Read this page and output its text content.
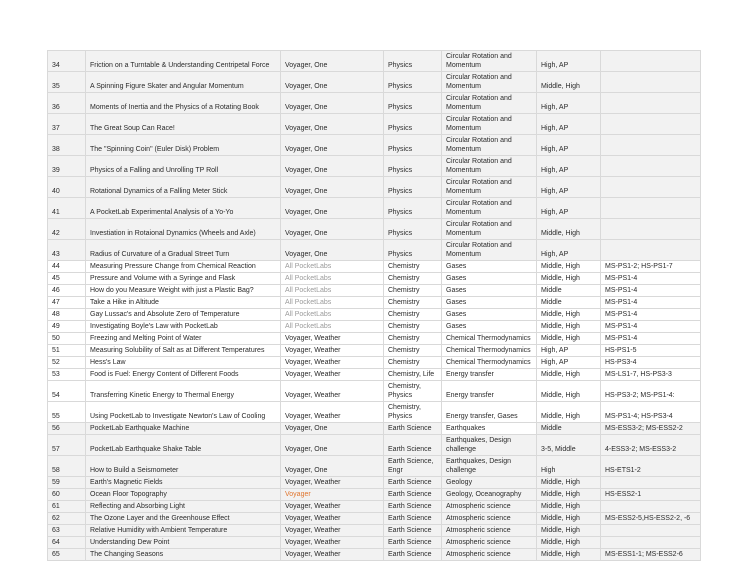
34	Friction on a Turntable & Understanding Centripetal Force	Voyager, One	Physics	Circular Rotation and Momentum	High, AP	
35	A Spinning Figure Skater and Angular Momentum	Voyager, One	Physics	Circular Rotation and Momentum	Middle, High	
36	Moments of Inertia and the Physics of a Rotating Book	Voyager, One	Physics	Circular Rotation and Momentum	High, AP	
37	The Great Soup Can Race!	Voyager, One	Physics	Circular Rotation and Momentum	High, AP	
38	The "Spinning Coin" (Euler Disk) Problem	Voyager, One	Physics	Circular Rotation and Momentum	High, AP	
39	Physics of a Falling and Unrolling TP Roll	Voyager, One	Physics	Circular Rotation and Momentum	High, AP	
40	Rotational Dynamics of a Falling Meter Stick	Voyager, One	Physics	Circular Rotation and Momentum	High, AP	
41	A PocketLab Experimental Analysis of a Yo-Yo	Voyager, One	Physics	Circular Rotation and Momentum	High, AP	
42	Investiation in Rotaional Dynamics (Wheels and Axle)	Voyager, One	Physics	Circular Rotation and Momentum	Middle, High	
43	Radius of Curvature of a Gradual Street Turn	Voyager, One	Physics	Circular Rotation and Momentum	High, AP	
44	Measuring Pressure Change from Chemical Reaction	All PocketLabs	Chemistry	Gases	Middle, High	MS-PS1-2; HS-PS1-7
45	Pressure and Volume with a Syringe and Flask	All PocketLabs	Chemistry	Gases	Middle, High	MS-PS1-4
46	How do you Measure Weight with just a Plastic Bag?	All PocketLabs	Chemistry	Gases	Middle	MS-PS1-4
47	Take a Hike in Altitude	All PocketLabs	Chemistry	Gases	Middle	MS-PS1-4
48	Gay Lussac's and Absolute Zero of Temperature	All PocketLabs	Chemistry	Gases	Middle, High	MS-PS1-4
49	Investigating Boyle's Law with PocketLab	All PocketLabs	Chemistry	Gases	Middle, High	MS-PS1-4
50	Freezing and Melting Point of Water	Voyager, Weather	Chemistry	Chemical Thermodynamics	Middle, High	MS-PS1-4
51	Measuring Solubility of Salt as at Different Temperatures	Voyager, Weather	Chemistry	Chemical Thermodynamics	High, AP	HS-PS1-5
52	Hess's Law	Voyager, Weather	Chemistry	Chemical Thermodynamics	High, AP	HS-PS3-4
53	Food is Fuel: Energy Content of Different Foods	Voyager, Weather	Chemistry, Life	Energy transfer	Middle, High	MS-LS1-7, HS-PS3-3
54	Transferring Kinetic Energy to Thermal Energy	Voyager, Weather	Chemistry, Physics	Energy transfer	Middle, High	HS-PS3-2; MS-PS1-4:
55	Using PocketLab to Investigate Newton's Law of Cooling	Voyager, Weather	Chemistry, Physics	Energy transfer, Gases	Middle, High	MS-PS1-4; HS-PS3-4
56	PocketLab Earthquake Machine	Voyager, One	Earth Science	Earthquakes	Middle	MS-ESS3-2; MS-ESS2-2
57	PocketLab Earthquake Shake Table	Voyager, One	Earth Science	Earthquakes, Design challenge	3-5, Middle	4-ESS3-2; MS-ESS3-2
58	How to Build a Seismometer	Voyager, One	Earth Science, Engr	Earthquakes, Design challenge	High	HS-ETS1-2
59	Earth's Magnetic Fields	Voyager, Weather	Earth Science	Geology	Middle, High	
60	Ocean Floor Topography	Voyager	Earth Science	Geology, Oceanography	Middle, High	HS-ESS2-1
61	Reflecting and Absorbing Light	Voyager, Weather	Earth Science	Atmospheric science	Middle, High	
62	The Ozone Layer and the Greenhouse Effect	Voyager, Weather	Earth Science	Atmospheric science	Middle, High	MS-ESS2-5,HS-ESS2-2, -6
63	Relative Humidity with Ambient Temperature	Voyager, Weather	Earth Science	Atmospheric science	Middle, High	
64	Understanding Dew Point	Voyager, Weather	Earth Science	Atmospheric science	Middle, High	
65	The Changing Seasons	Voyager, Weather	Earth Science	Atmospheric science	Middle, High	MS-ESS1-1; MS-ESS2-6
